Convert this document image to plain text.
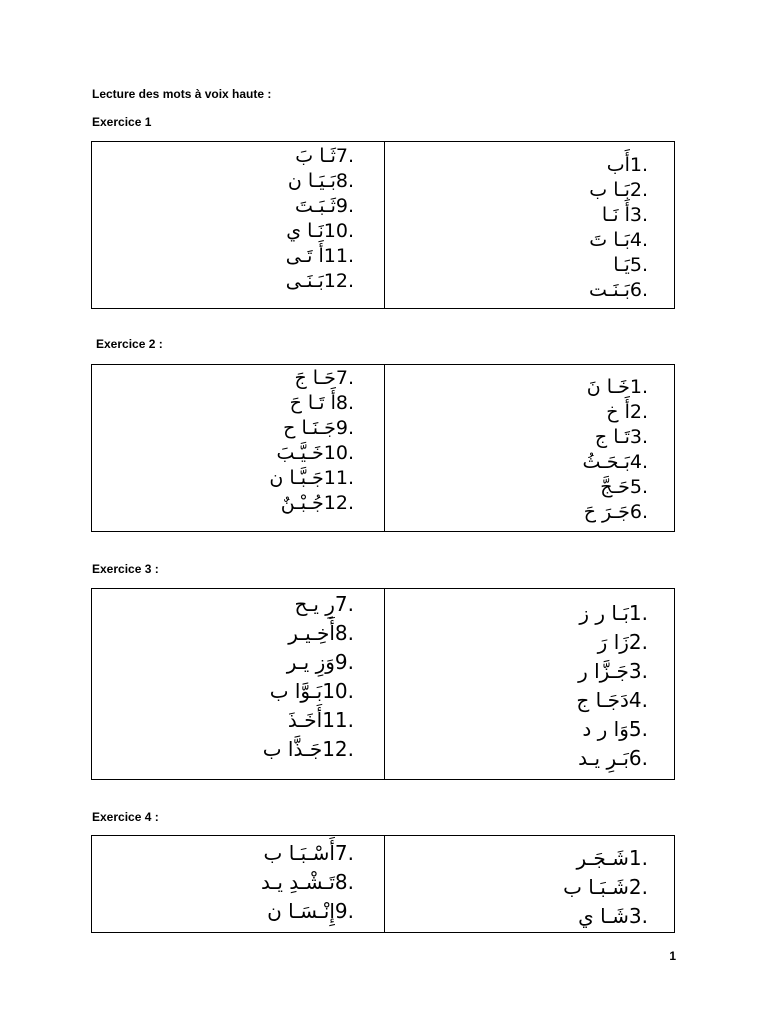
Lecture des mots à voix haute :
Exercice 1
7.ثَـا بَ
8.بَـيَـا ن
9.ثَـبَـتَ
10.نَـا ي
11.أَ تَـى
12.بَـنَـى
1.أَب
2.بَـا ب
3.أَ نَـا
4.بَـا تَ
5.يَـا
6.بَـنَـت
Exercice 2 :
7.حَـا جَ
8.أَ تَـا حَ
9.جَـنَـا ح
10.خَـيَّـبَ
11.جَـبَّـا ن
12.جُـبْـنٌ
1.خَـا نَ
2.أَ خ
3.تَـا ج
4.بَـحَـثُ
5.حَـجَّ
6.جَـرَ حَ
Exercice 3 :
7.رِ يـح
8.أَخِـيـر
9.وَزِ يـر
10.بَـوَّا ب
11.أَخَـذَ
12.جَـذَّا ب
1.بَـا ر ز
2.زَا رَ
3.جَـزَّا ر
4.دَجَـا ج
5.وَا ر د
6.بَـرِ يـد
Exercice 4 :
7.أَسْـبَـا ب
8.تَـشْـدِ يـد
9.إِنْـسَـا ن
1.شَـجَـر
2.شَـبَـا ب
3.شَـا ي
1
